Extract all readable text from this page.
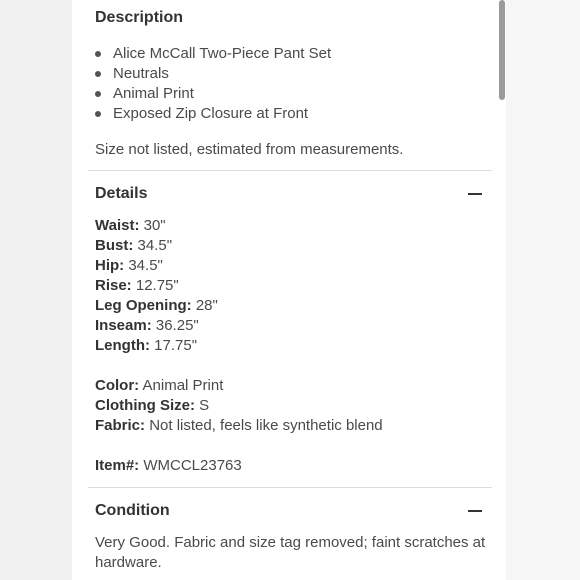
Description
Alice McCall Two-Piece Pant Set
Neutrals
Animal Print
Exposed Zip Closure at Front
Size not listed, estimated from measurements.
Details
Waist: 30"
Bust: 34.5"
Hip: 34.5"
Rise: 12.75"
Leg Opening: 28"
Inseam: 36.25"
Length: 17.75"
Color: Animal Print
Clothing Size: S
Fabric: Not listed, feels like synthetic blend
Item#: WMCCL23763
Condition
Very Good. Fabric and size tag removed; faint scratches at hardware.
